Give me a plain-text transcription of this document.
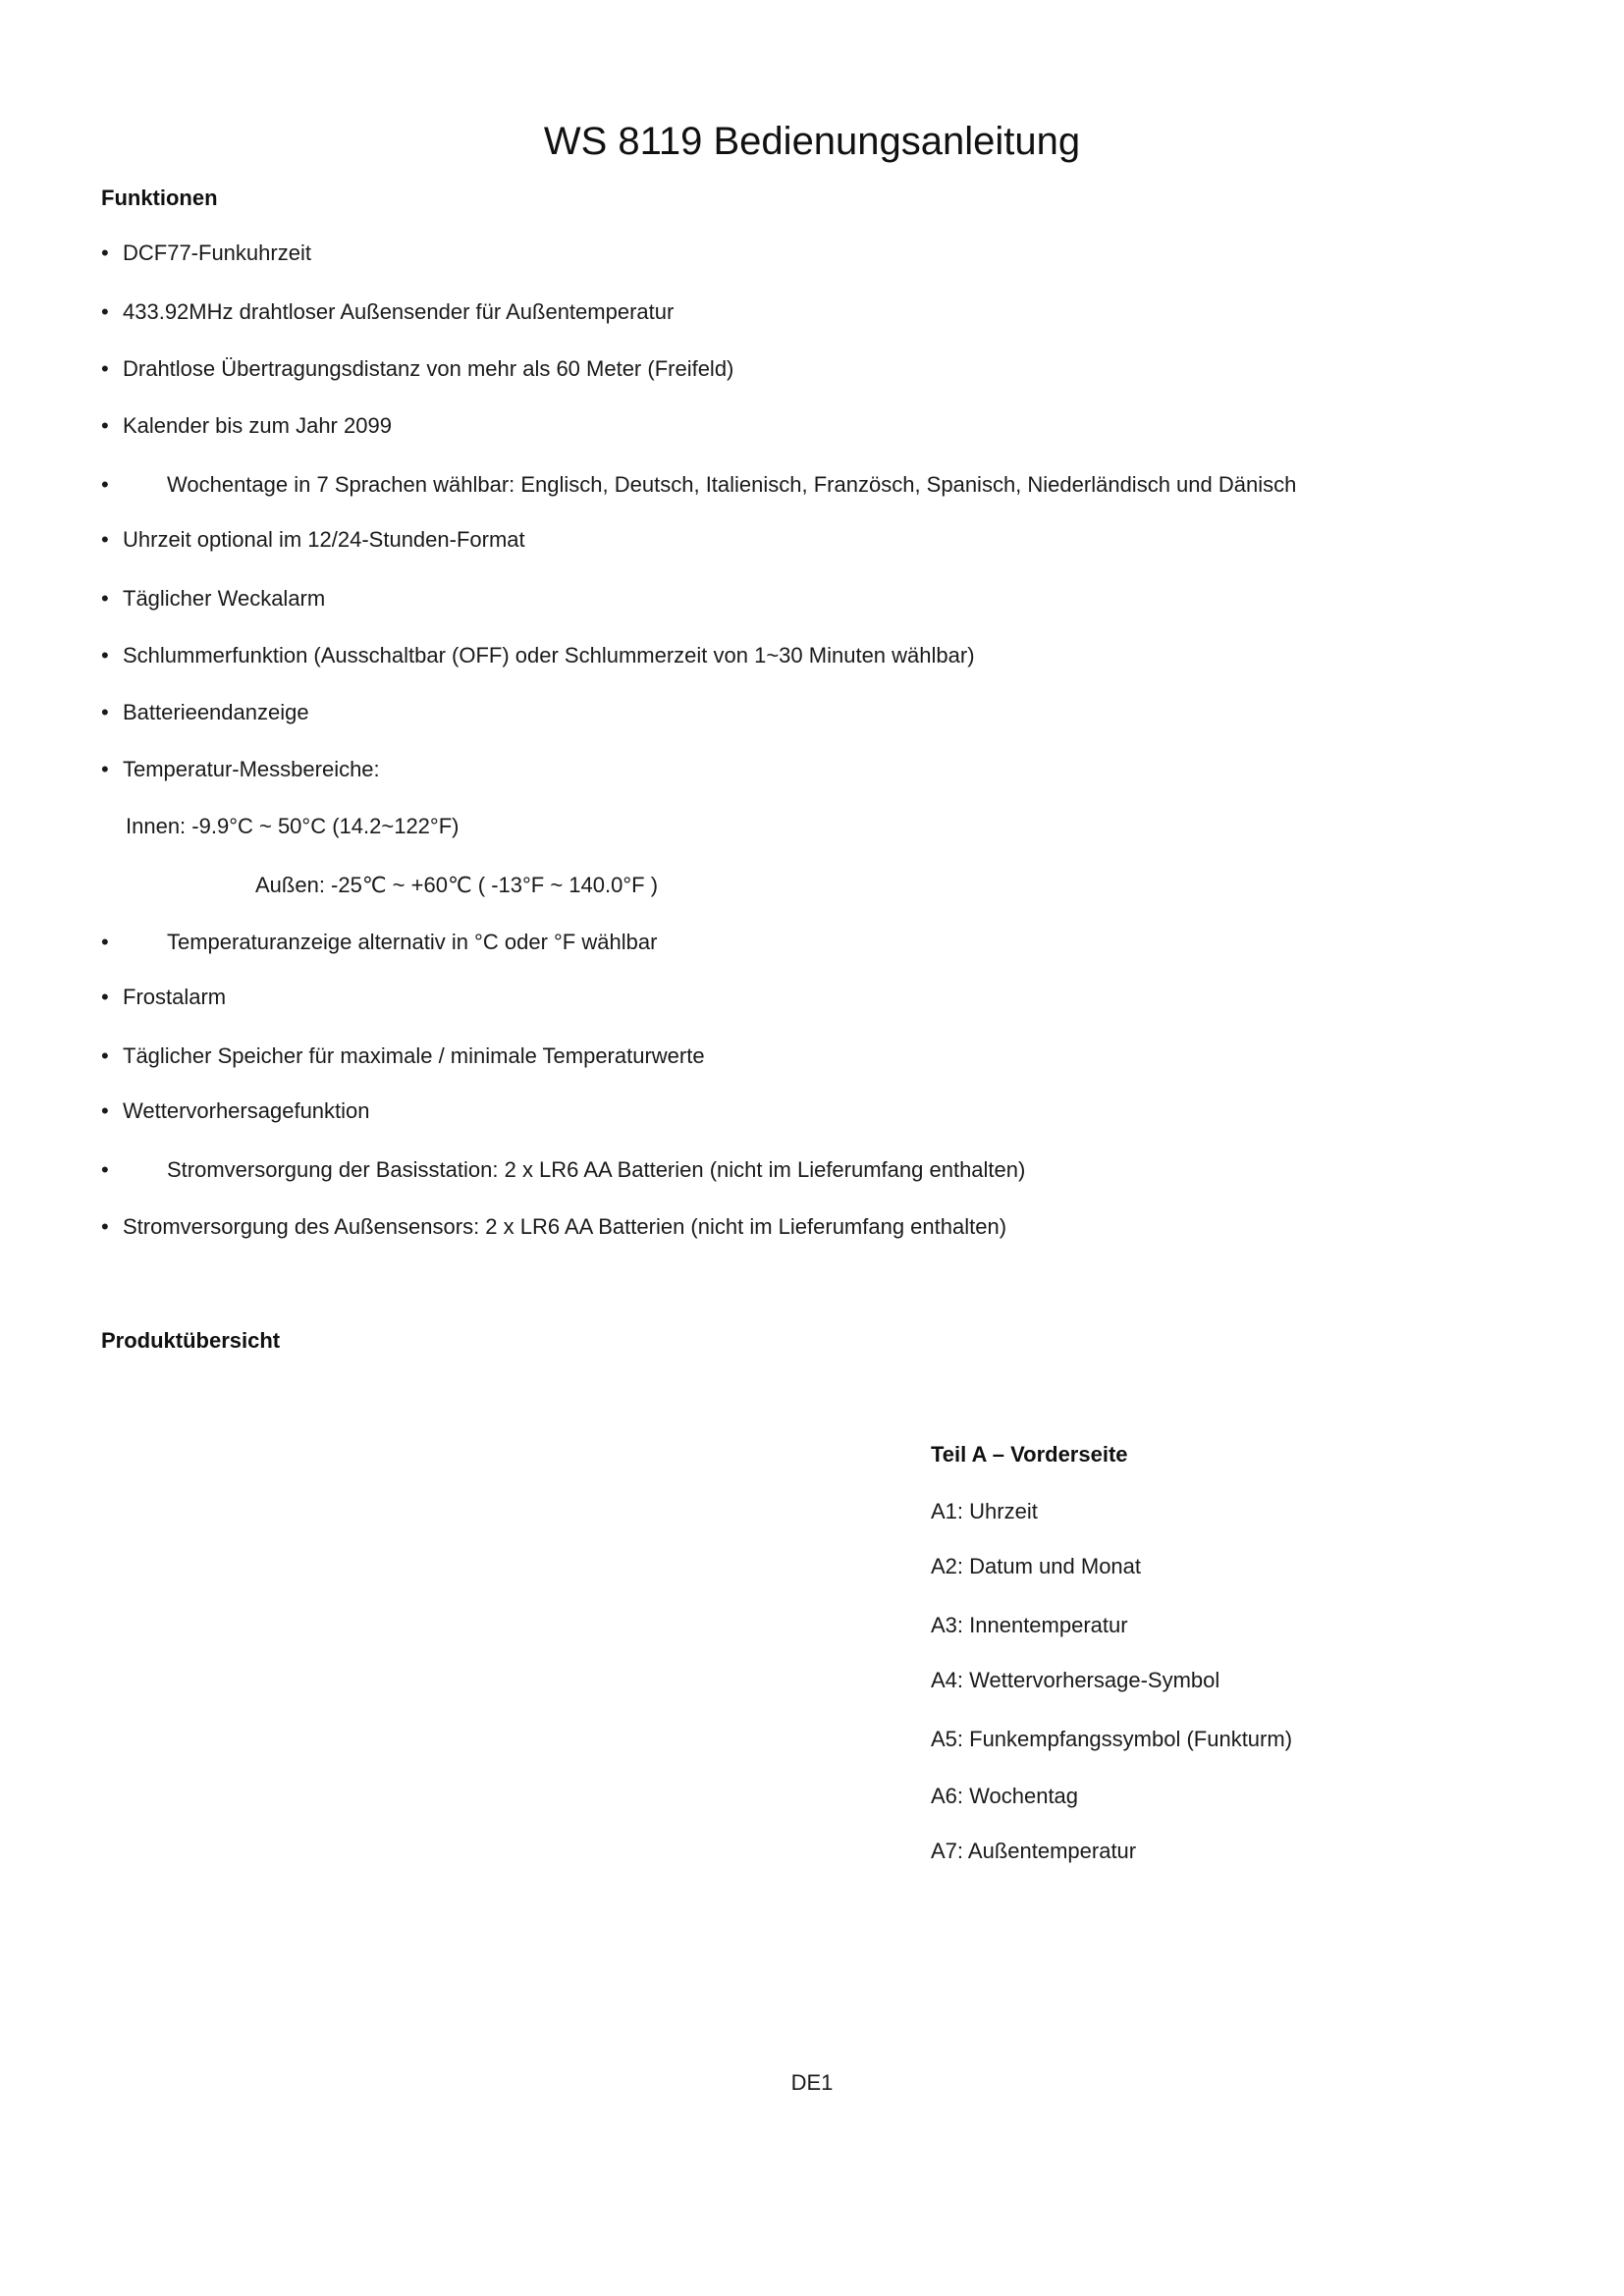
WS 8119 Bedienungsanleitung
Funktionen
• DCF77-Funkuhrzeit
• 433.92MHz drahtloser Außensender für Außentemperatur
• Drahtlose Übertragungsdistanz von mehr als 60 Meter (Freifeld)
• Kalender bis zum Jahr 2099
•	Wochentage in 7 Sprachen wählbar: Englisch, Deutsch, Italienisch, Französch, Spanisch, Niederländisch und Dänisch
• Uhrzeit optional im 12/24-Stunden-Format
• Täglicher Weckalarm
• Schlummerfunktion (Ausschaltbar (OFF) oder Schlummerzeit von 1~30 Minuten wählbar)
• Batterieendanzeige
• Temperatur-Messbereiche:
Innen: -9.9°C ~ 50°C (14.2~122°F)
Außen: -25℃ ~ +60℃ ( -13°F ~ 140.0°F )
•	Temperaturanzeige alternativ in °C oder °F wählbar
• Frostalarm
• Täglicher Speicher für maximale / minimale Temperaturwerte
• Wettervorhersagefunktion
•	Stromversorgung der Basisstation: 2 x LR6 AA Batterien (nicht im Lieferumfang enthalten)
• Stromversorgung des Außensensors: 2 x LR6 AA Batterien (nicht im Lieferumfang enthalten)
Produktübersicht
Teil A – Vorderseite
A1: Uhrzeit
A2: Datum und Monat
A3: Innentemperatur
A4: Wettervorhersage-Symbol
A5: Funkempfangssymbol (Funkturm)
A6: Wochentag
A7: Außentemperatur
DE1
